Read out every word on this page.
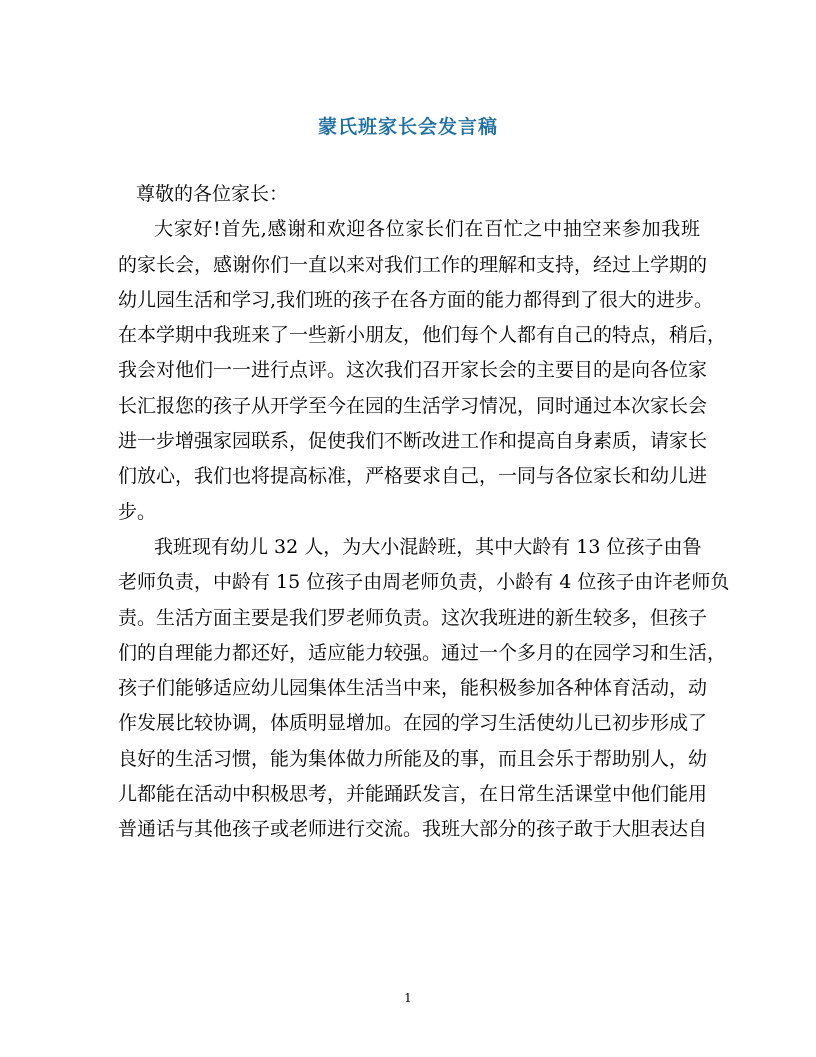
蒙氏班家长会发言稿
尊敬的各位家长：
大家好!首先,感谢和欢迎各位家长们在百忙之中抽空来参加我班
的家长会，感谢你们一直以来对我们工作的理解和支持，经过上学期的
幼儿园生活和学习,我们班的孩子在各方面的能力都得到了很大的进步。
在本学期中我班来了一些新小朋友，他们每个人都有自己的特点，稍后，
我会对他们一一进行点评。这次我们召开家长会的主要目的是向各位家
长汇报您的孩子从开学至今在园的生活学习情况，同时通过本次家长会
进一步增强家园联系，促使我们不断改进工作和提高自身素质，请家长
们放心，我们也将提高标准，严格要求自己，一同与各位家长和幼儿进
步。
我班现有幼儿 32 人，为大小混龄班，其中大龄有 13 位孩子由鲁
老师负责，中龄有 15 位孩子由周老师负责，小龄有 4 位孩子由许老师负
责。生活方面主要是我们罗老师负责。这次我班进的新生较多，但孩子
们的自理能力都还好，适应能力较强。通过一个多月的在园学习和生活，
孩子们能够适应幼儿园集体生活当中来，能积极参加各种体育活动，动
作发展比较协调，体质明显增加。在园的学习生活使幼儿已初步形成了
良好的生活习惯，能为集体做力所能及的事，而且会乐于帮助别人，幼
儿都能在活动中积极思考，并能踊跃发言，在日常生活课堂中他们能用
普通话与其他孩子或老师进行交流。我班大部分的孩子敢于大胆表达自
1
